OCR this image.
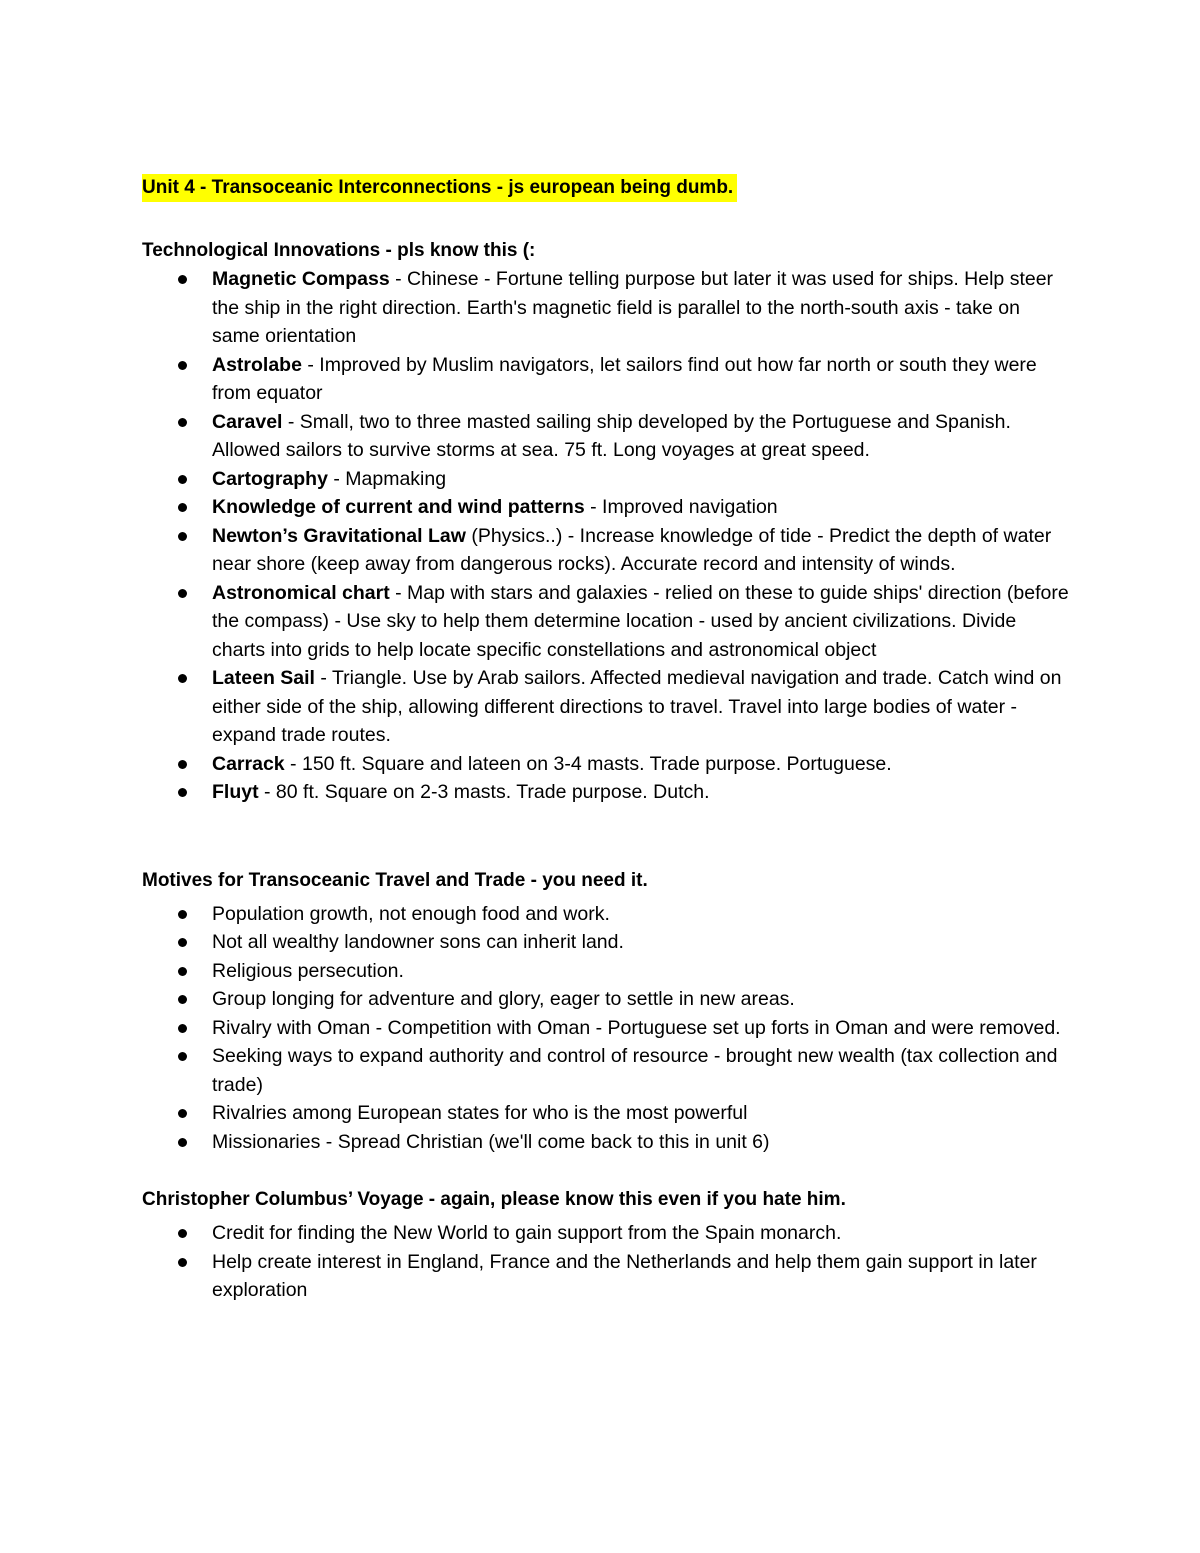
Unit 4 - Transoceanic Interconnections - js european being dumb.

Technological Innovations - pls know this (:

Magnetic Compass - Chinese - Fortune telling purpose but later it was used for ships. Help steer the ship in the right direction. Earth's magnetic field is parallel to the north-south axis - take on same orientation
Astrolabe - Improved by Muslim navigators, let sailors find out how far north or south they were from equator
Caravel - Small, two to three masted sailing ship developed by the Portuguese and Spanish. Allowed sailors to survive storms at sea. 75 ft. Long voyages at great speed.
Cartography - Mapmaking
Knowledge of current and wind patterns - Improved navigation
Newton’s Gravitational Law (Physics..) - Increase knowledge of tide - Predict the depth of water near shore (keep away from dangerous rocks). Accurate record and intensity of winds.
Astronomical chart - Map with stars and galaxies - relied on these to guide ships' direction (before the compass) - Use sky to help them determine location - used by ancient civilizations. Divide charts into grids to help locate specific constellations and astronomical object
Lateen Sail - Triangle. Use by Arab sailors. Affected medieval navigation and trade. Catch wind on either side of the ship, allowing different directions to travel. Travel into large bodies of water - expand trade routes.
Carrack - 150 ft. Square and lateen on 3-4 masts. Trade purpose. Portuguese.
Fluyt - 80 ft. Square on 2-3 masts. Trade purpose. Dutch.

Motives for Transoceanic Travel and Trade - you need it.

Population growth, not enough food and work.
Not all wealthy landowner sons can inherit land.
Religious persecution.
Group longing for adventure and glory, eager to settle in new areas.
Rivalry with Oman - Competition with Oman - Portuguese set up forts in Oman and were removed.
Seeking ways to expand authority and control of resource - brought new wealth (tax collection and trade)
Rivalries among European states for who is the most powerful
Missionaries - Spread Christian (we'll come back to this in unit 6)

Christopher Columbus’ Voyage - again, please know this even if you hate him.

Credit for finding the New World to gain support from the Spain monarch.
Help create interest in England, France and the Netherlands and help them gain support in later exploration
